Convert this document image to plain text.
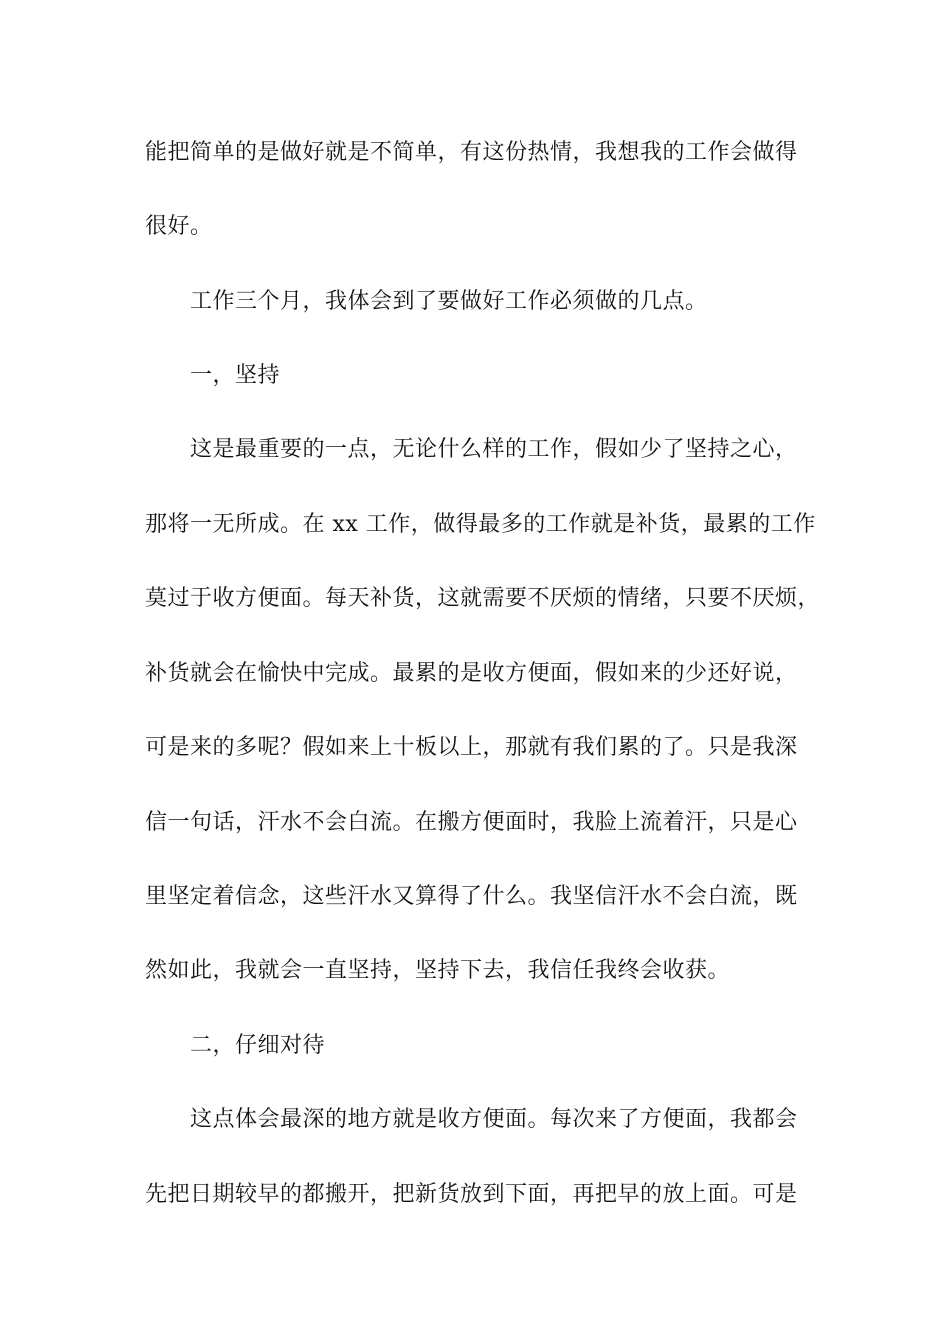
能把简单的是做好就是不简单，有这份热情，我想我的工作会做得
很好。
工作三个月，我体会到了要做好工作必须做的几点。
一，坚持
这是最重要的一点，无论什么样的工作，假如少了坚持之心，
那将一无所成。在 xx 工作，做得最多的工作就是补货，最累的工作
莫过于收方便面。每天补货，这就需要不厌烦的情绪，只要不厌烦，
补货就会在愉快中完成。最累的是收方便面，假如来的少还好说，
可是来的多呢？假如来上十板以上，那就有我们累的了。只是我深
信一句话，汗水不会白流。在搬方便面时，我脸上流着汗，只是心
里坚定着信念，这些汗水又算得了什么。我坚信汗水不会白流，既
然如此，我就会一直坚持，坚持下去，我信任我终会收获。
二，仔细对待
这点体会最深的地方就是收方便面。每次来了方便面，我都会
先把日期较早的都搬开，把新货放到下面，再把早的放上面。可是
